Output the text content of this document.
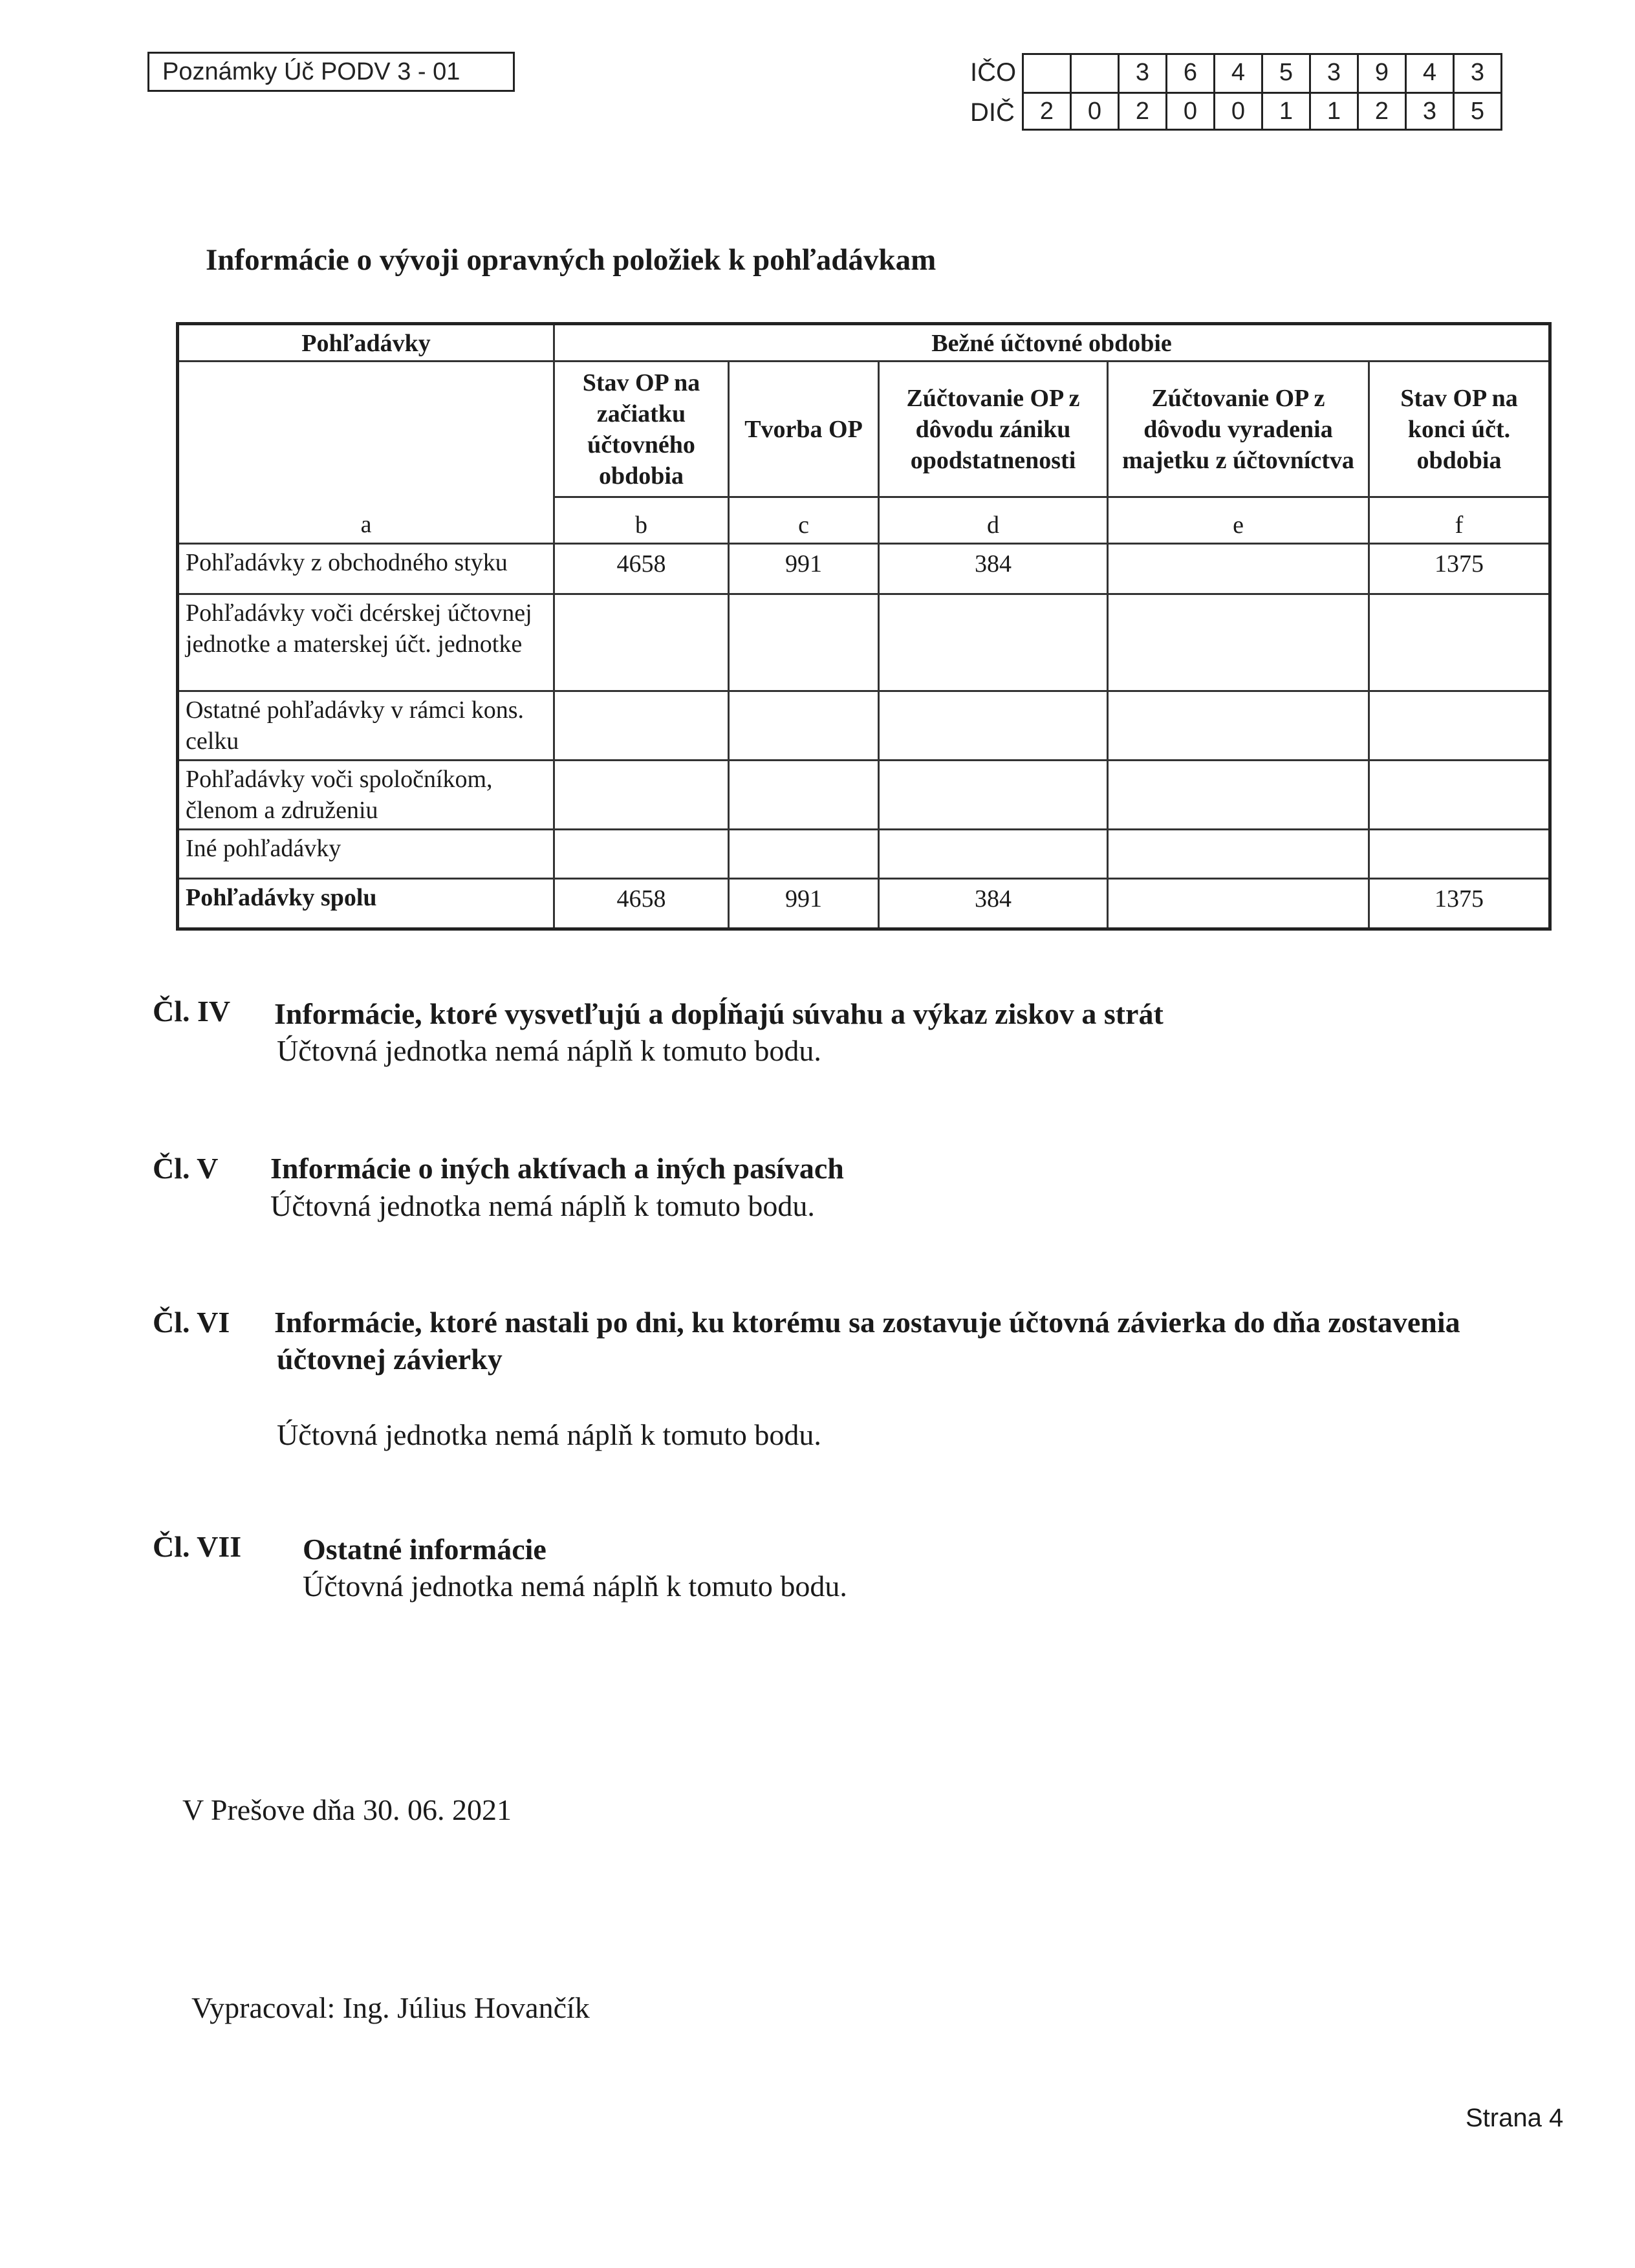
Poznámky Úč PODV 3 - 01	IČO	3	6	4	5	3	9	4	3
DIČ	2	0	2	0	0	1	1	2	3	5
Informácie o vývoji opravných položiek k pohľadávkam
Pohľadávky	Bežné účtovné obdobie				
	Stav OP na začiatku účtovného obdobia	Tvorba OP	Zúčtovanie OP z dôvodu zániku opodstatnenosti	Zúčtovanie OP z dôvodu vyradenia majetku z účtovníctva	Stav OP na konci účt. obdobia
a	b	c	d	e	f
Pohľadávky z obchodného styku	4658	991	384		1375
Pohľadávky voči dcérskej účtovnej jednotke a materskej účt. jednotke					
Ostatné pohľadávky v rámci kons. celku					
Pohľadávky voči spoločníkom, členom a združeniu					
Iné pohľadávky					
Pohľadávky spolu	4658	991	384		1375
Čl. IV Informácie, ktoré vysvetľujú a dopĺňajú súvahu a výkaz ziskov a strát
Účtovná jednotka nemá náplň k tomuto bodu.
Čl. V Informácie o iných aktívach a iných pasívach
Účtovná jednotka nemá náplň k tomuto bodu.
Čl. VI Informácie, ktoré nastali po dni, ku ktorému sa zostavuje účtovná závierka do dňa zostavenia
účtovnej závierky
Účtovná jednotka nemá náplň k tomuto bodu.
Čl. VII Ostatné informácie
Účtovná jednotka nemá náplň k tomuto bodu.
V Prešove dňa 30. 06. 2021
Vypracoval: Ing. Július Hovančík
Strana 4
